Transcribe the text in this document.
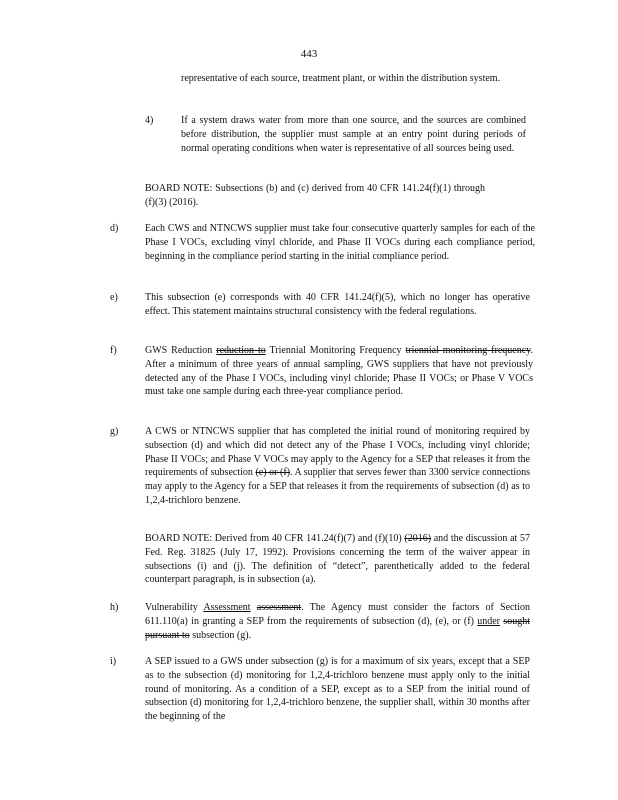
443
representative of each source, treatment plant, or within the distribution system.
4)	If a system draws water from more than one source, and the sources are combined before distribution, the supplier must sample at an entry point during periods of normal operating conditions when water is representative of all sources being used.
BOARD NOTE: Subsections (b) and (c) derived from 40 CFR 141.24(f)(1) through (f)(3) (2016).
d)	Each CWS and NTNCWS supplier must take four consecutive quarterly samples for each of the Phase I VOCs, excluding vinyl chloride, and Phase II VOCs during each compliance period, beginning in the compliance period starting in the initial compliance period.
e)	This subsection (e) corresponds with 40 CFR 141.24(f)(5), which no longer has operative effect. This statement maintains structural consistency with the federal regulations.
f)	GWS Reduction reduction to Triennial Monitoring Frequency triennial monitoring frequency. After a minimum of three years of annual sampling, GWS suppliers that have not previously detected any of the Phase I VOCs, including vinyl chloride; Phase II VOCs; or Phase V VOCs must take one sample during each three-year compliance period.
g)	A CWS or NTNCWS supplier that has completed the initial round of monitoring required by subsection (d) and which did not detect any of the Phase I VOCs, including vinyl chloride; Phase II VOCs; and Phase V VOCs may apply to the Agency for a SEP that releases it from the requirements of subsection (e) or (f). A supplier that serves fewer than 3300 service connections may apply to the Agency for a SEP that releases it from the requirements of subsection (d) as to 1,2,4-trichloro benzene.
BOARD NOTE: Derived from 40 CFR 141.24(f)(7) and (f)(10) (2016) and the discussion at 57 Fed. Reg. 31825 (July 17, 1992). Provisions concerning the term of the waiver appear in subsections (i) and (j). The definition of “detect”, parenthetically added to the federal counterpart paragraph, is in subsection (a).
h)	Vulnerability Assessment assessment. The Agency must consider the factors of Section 611.110(a) in granting a SEP from the requirements of subsection (d), (e), or (f) under sought pursuant to subsection (g).
i)	A SEP issued to a GWS under subsection (g) is for a maximum of six years, except that a SEP as to the subsection (d) monitoring for 1,2,4-trichloro benzene must apply only to the initial round of monitoring. As a condition of a SEP, except as to a SEP from the initial round of subsection (d) monitoring for 1,2,4-trichloro benzene, the supplier shall, within 30 months after the beginning of the
